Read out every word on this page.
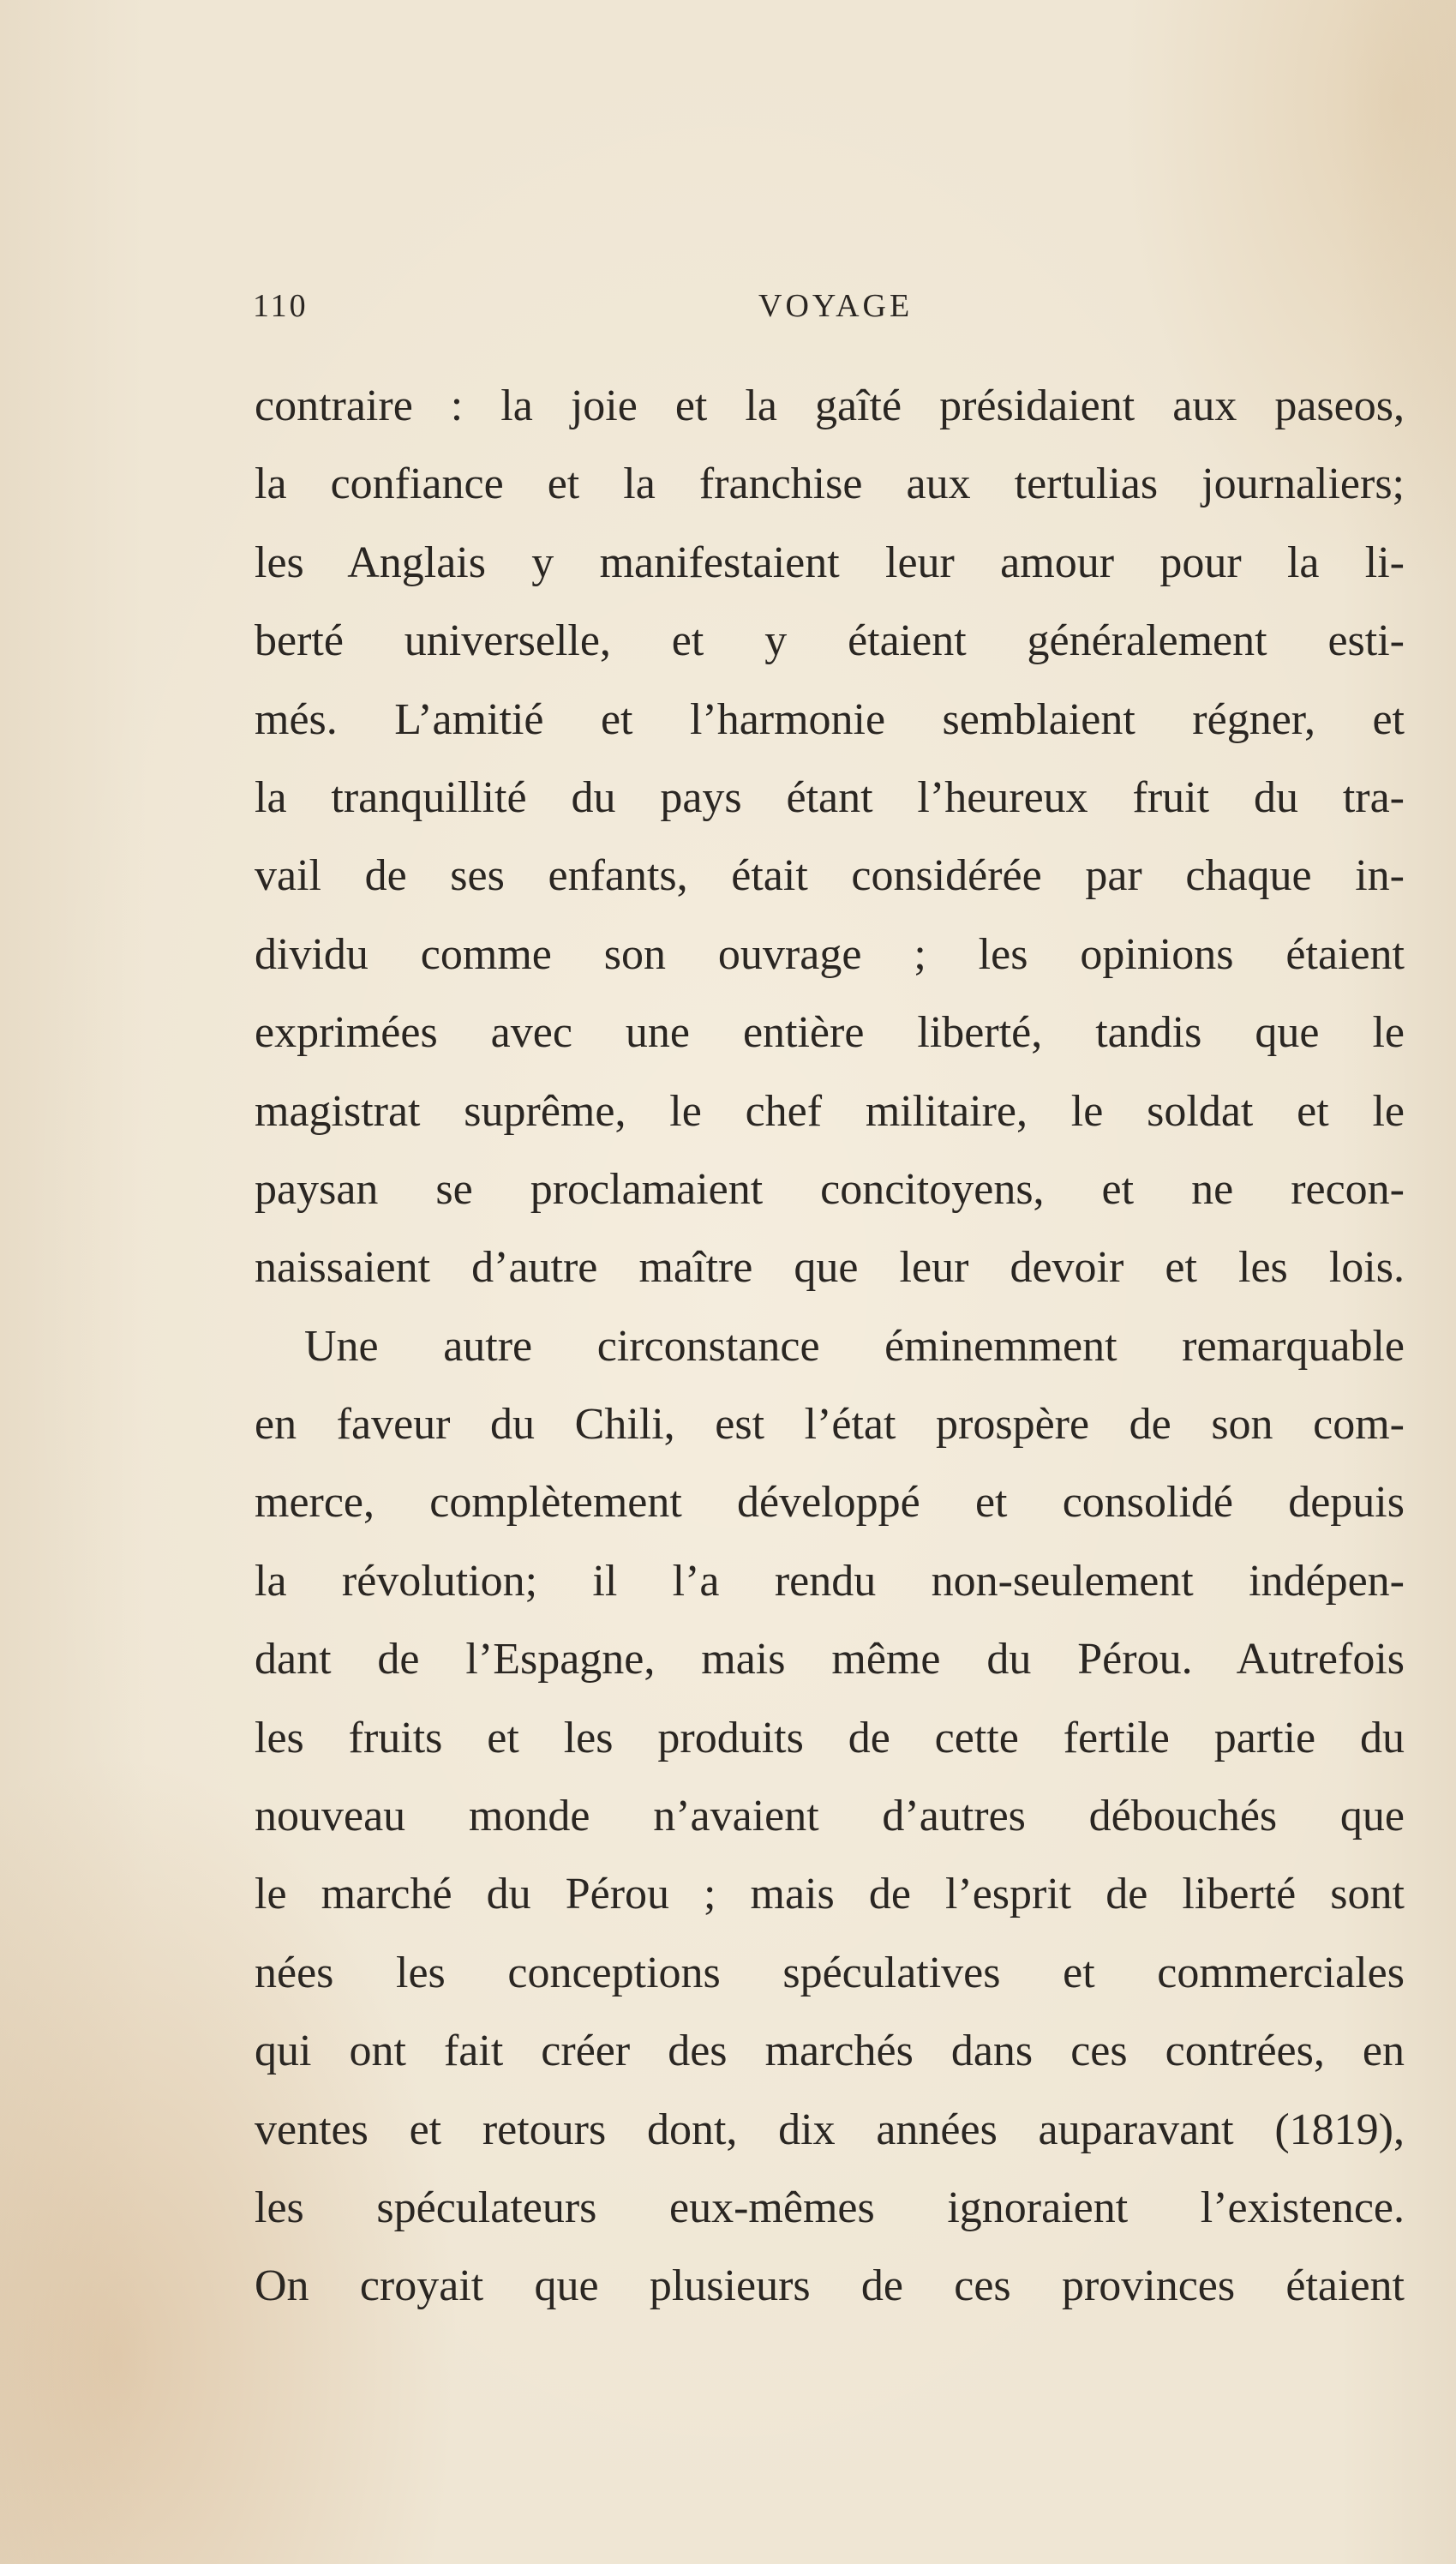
110	VOYAGE
contraire : la joie et la gaîté présidaient aux paseos,
la confiance et la franchise aux tertulias journaliers;
les Anglais y manifestaient leur amour pour la li-
berté universelle, et y étaient généralement esti-
més. L’amitié et l’harmonie semblaient régner, et
la tranquillité du pays étant l’heureux fruit du tra-
vail de ses enfants, était considérée par chaque in-
dividu comme son ouvrage ; les opinions étaient
exprimées avec une entière liberté, tandis que le
magistrat suprême, le chef militaire, le soldat et le
paysan se proclamaient concitoyens, et ne recon-
naissaient d’autre maître que leur devoir et les lois.
Une autre circonstance éminemment remarquable
en faveur du Chili, est l’état prospère de son com-
merce, complètement développé et consolidé depuis
la révolution; il l’a rendu non-seulement indépen-
dant de l’Espagne, mais même du Pérou. Autrefois
les fruits et les produits de cette fertile partie du
nouveau monde n’avaient d’autres débouchés que
le marché du Pérou ; mais de l’esprit de liberté sont
nées les conceptions spéculatives et commerciales
qui ont fait créer des marchés dans ces contrées, en
ventes et retours dont, dix années auparavant (1819),
les spéculateurs eux-mêmes ignoraient l’existence.
On croyait que plusieurs de ces provinces étaient
